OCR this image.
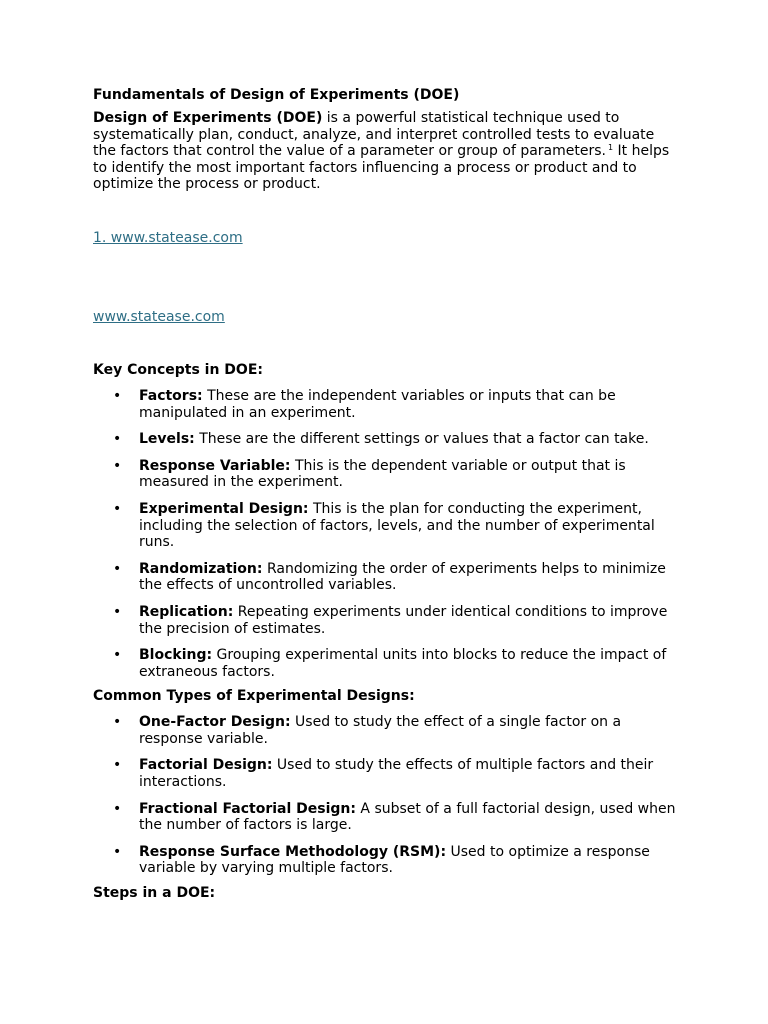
Fundamentals of Design of Experiments (DOE)

Design of Experiments (DOE) is a powerful statistical technique used to systematically plan, conduct, analyze, and interpret controlled tests to evaluate the factors that control the value of a parameter or group of parameters. $^1$ It helps to identify the most important factors influencing a process or product and to optimize the process or product.

1. www.statease.com
www.statease.com
Key Concepts in DOE:
• Factors: These are the independent variables or inputs that can be manipulated in an experiment.
• Levels: These are the different settings or values that a factor can take.
• Response Variable: This is the dependent variable or output that is measured in the experiment.
• Experimental Design: This is the plan for conducting the experiment, including the selection of factors, levels, and the number of experimental runs.
• Randomization: Randomizing the order of experiments helps to minimize the effects of uncontrolled variables.
• Replication: Repeating experiments under identical conditions to improve the precision of estimates.
• Blocking: Grouping experimental units into blocks to reduce the impact of extraneous factors.
Common Types of Experimental Designs:
• One-Factor Design: Used to study the effect of a single factor on a response variable.
• Factorial Design: Used to study the effects of multiple factors and their interactions.
• Fractional Factorial Design: A subset of a full factorial design, used when the number of factors is large.
• Response Surface Methodology (RSM): Used to optimize a response variable by varying multiple factors.
Steps in a DOE:
